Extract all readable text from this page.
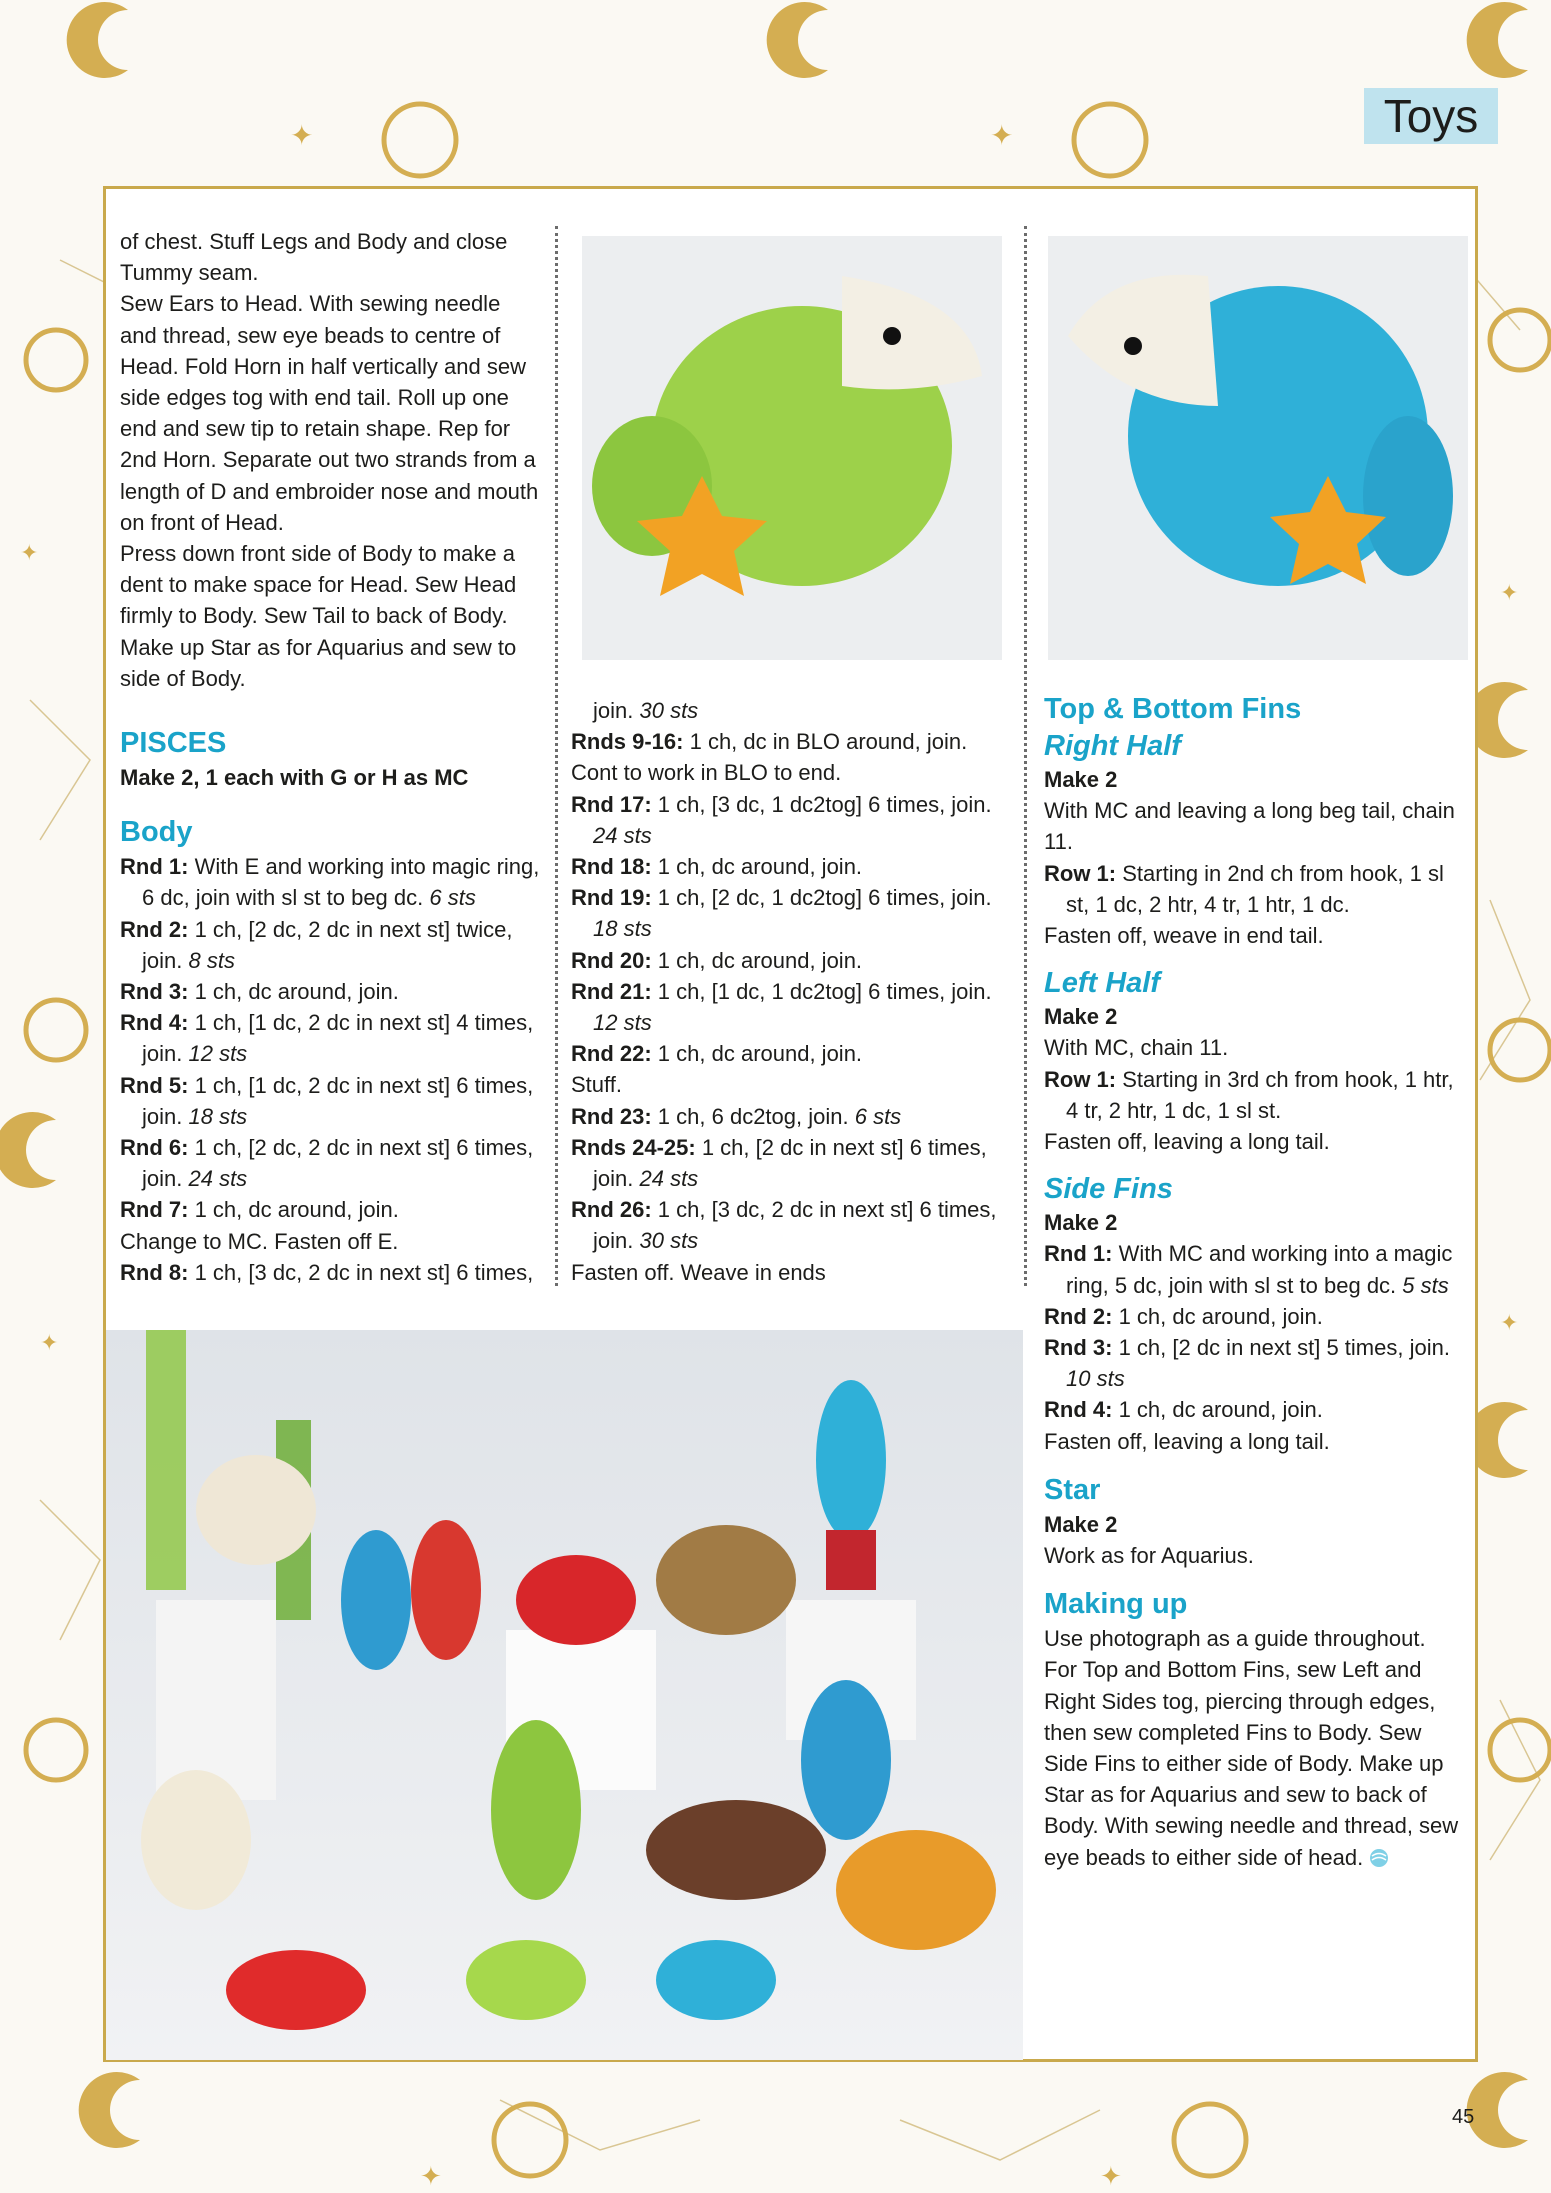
✦	✦
✦
✦
✦
✦
✦	✦
Toys

of chest. Stuff Legs and Body and close Tummy seam.

Sew Ears to Head. With sewing needle and thread, sew eye beads to centre of Head. Fold Horn in half vertically and sew side edges tog with end tail. Roll up one end and sew tip to retain shape. Rep for 2nd Horn. Separate out two strands from a length of D and embroider nose and mouth on front of Head.

Press down front side of Body to make a dent to make space for Head. Sew Head firmly to Body. Sew Tail to back of Body. Make up Star as for Aquarius and sew to side of Body.

PISCES

Make 2, 1 each with G or H as MC

Body

Rnd 1: With E and working into magic ring, 6 dc, join with sl st to beg dc. 6 sts

Rnd 2: 1 ch, [2 dc, 2 dc in next st] twice, join. 8 sts

Rnd 3: 1 ch, dc around, join.

Rnd 4: 1 ch, [1 dc, 2 dc in next st] 4 times, join. 12 sts

Rnd 5: 1 ch, [1 dc, 2 dc in next st] 6 times, join. 18 sts

Rnd 6: 1 ch, [2 dc, 2 dc in next st] 6 times, join. 24 sts

Rnd 7: 1 ch, dc around, join.

Change to MC. Fasten off E.

Rnd 8: 1 ch, [3 dc, 2 dc in next st] 6 times,

join. 30 sts

Rnds 9-16: 1 ch, dc in BLO around, join.

Cont to work in BLO to end.

Rnd 17: 1 ch, [3 dc, 1 dc2tog] 6 times, join. 24 sts

Rnd 18: 1 ch, dc around, join.

Rnd 19: 1 ch, [2 dc, 1 dc2tog] 6 times, join. 18 sts

Rnd 20: 1 ch, dc around, join.

Rnd 21: 1 ch, [1 dc, 1 dc2tog] 6 times, join. 12 sts

Rnd 22: 1 ch, dc around, join.

Stuff.

Rnd 23: 1 ch, 6 dc2tog, join. 6 sts

Rnds 24-25: 1 ch, [2 dc in next st] 6 times, join. 24 sts

Rnd 26: 1 ch, [3 dc, 2 dc in next st] 6 times, join. 30 sts

Fasten off. Weave in ends

Top & Bottom Fins

Right Half

Make 2

With MC and leaving a long beg tail, chain 11.

Row 1: Starting in 2nd ch from hook, 1 sl st, 1 dc, 2 htr, 4 tr, 1 htr, 1 dc.

Fasten off, weave in end tail.

Left Half

Make 2

With MC, chain 11.

Row 1: Starting in 3rd ch from hook, 1 htr, 4 tr, 2 htr, 1 dc, 1 sl st.

Fasten off, leaving a long tail.

Side Fins

Make 2

Rnd 1: With MC and working into a magic ring, 5 dc, join with sl st to beg dc. 5 sts

Rnd 2: 1 ch, dc around, join.

Rnd 3: 1 ch, [2 dc in next st] 5 times, join. 10 sts

Rnd 4: 1 ch, dc around, join.

Fasten off, leaving a long tail.

Star

Make 2

Work as for Aquarius.

Making up

Use photograph as a guide throughout. For Top and Bottom Fins, sew Left and Right Sides tog, piercing through edges, then sew completed Fins to Body. Sew Side Fins to either side of Body. Make up Star as for Aquarius and sew to back of Body. With sewing needle and thread, sew eye beads to either side of head.

45
